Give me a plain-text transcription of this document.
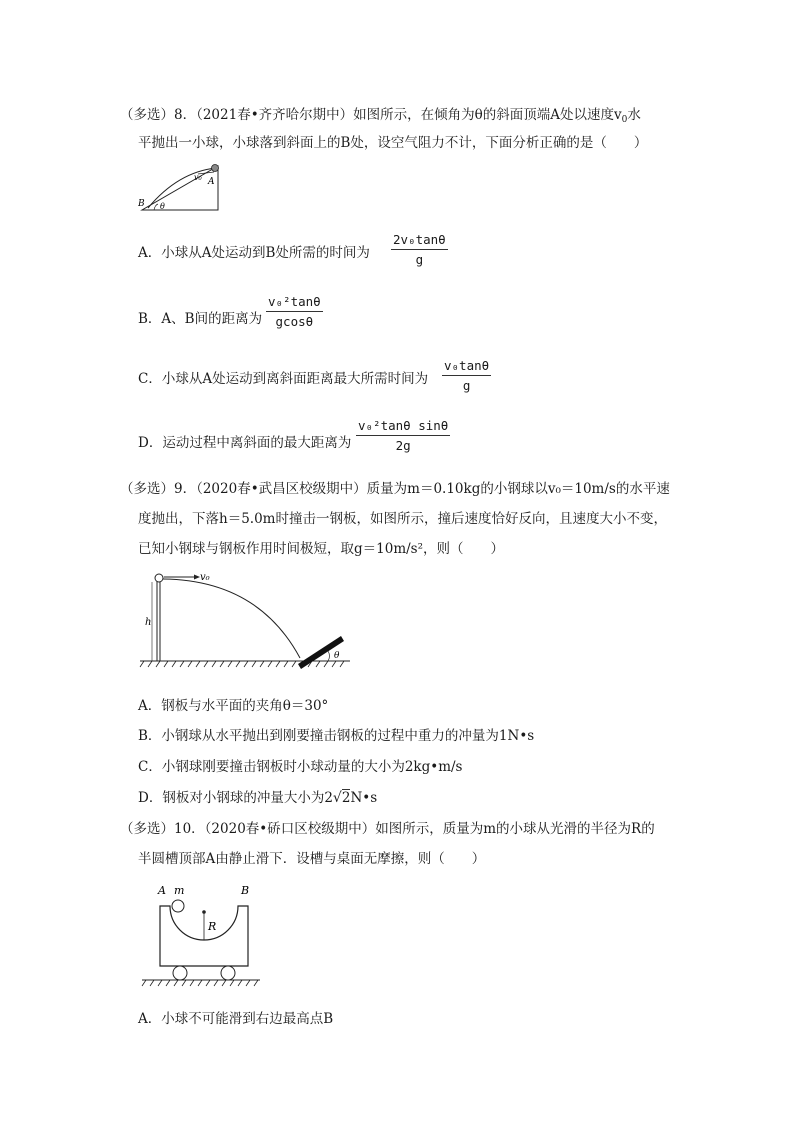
（多选）8．（2021春•齐齐哈尔期中）如图所示，在倾角为θ的斜面顶端A处以速度$v_0$水
平抛出一小球，小球落到斜面上的B处，设空气阻力不计，下面分析正确的是（　　）
v₀ A
B θ
A．小球从A处运动到B处所需的时间为 $\frac{\text{2v₀tanθ}}{g}$
B．A、B间的距离为 $\frac{\text{v₀²tanθ}}{gcos\theta}$
C．小球从A处运动到离斜面距离最大所需时间为 $\frac{\text{v₀tanθ}}{g}$
D．运动过程中离斜面的最大距离为 $\frac{\text{v₀²tanθ sinθ}}{2g}$
（多选）9．（2020春•武昌区校级期中）质量为m＝0.10kg的小钢球以v₀＝10m/s的水平速
度抛出，下落h＝5.0m时撞击一钢板，如图所示，撞后速度恰好反向，且速度大小不变，
已知小钢球与钢板作用时间极短，取g＝10m/s²，则（　　）
v₀
h
θ
A．钢板与水平面的夹角θ＝30°
B．小钢球从水平抛出到刚要撞击钢板的过程中重力的冲量为1N•s
C．小钢球刚要撞击钢板时小球动量的大小为2kg•m/s
D．钢板对小钢球的冲量大小为2√2N•s
（多选）10．（2020春•硚口区校级期中）如图所示，质量为m的小球从光滑的半径为R的
半圆槽顶部A由静止滑下．设槽与桌面无摩擦，则（　　）
A m	B
R
A．小球不可能滑到右边最高点B
